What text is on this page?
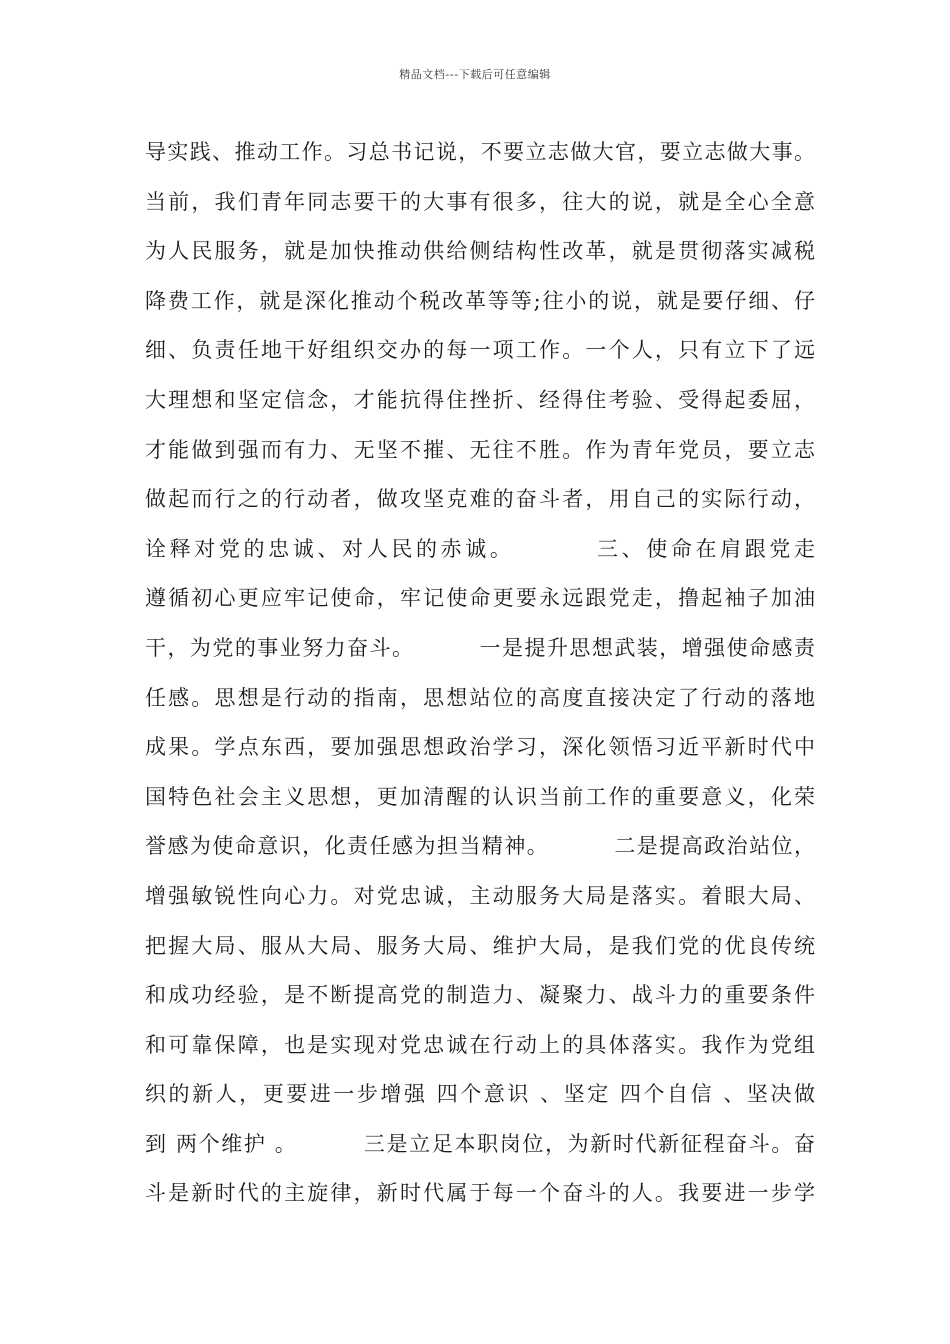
精品文档---下载后可任意编辑
导实践、推动工作。习总书记说，不要立志做大官，要立志做大事。
当前，我们青年同志要干的大事有很多，往大的说，就是全心全意
为人民服务，就是加快推动供给侧结构性改革，就是贯彻落实减税
降费工作，就是深化推动个税改革等等;往小的说，就是要仔细、仔
细、负责任地干好组织交办的每一项工作。一个人，只有立下了远
大理想和坚定信念，才能抗得住挫折、经得住考验、受得起委屈，
才能做到强而有力、无坚不摧、无往不胜。作为青年党员，要立志
做起而行之的行动者，做攻坚克难的奋斗者，用自己的实际行动，
诠释对党的忠诚、对人民的赤诚。        三、使命在肩跟党走
遵循初心更应牢记使命，牢记使命更要永远跟党走，撸起袖子加油
干，为党的事业努力奋斗。        一是提升思想武装，增强使命感责
任感。思想是行动的指南，思想站位的高度直接决定了行动的落地
成果。学点东西，要加强思想政治学习，深化领悟习近平新时代中
国特色社会主义思想，更加清醒的认识当前工作的重要意义，化荣
誉感为使命意识，化责任感为担当精神。        二是提高政治站位，
增强敏锐性向心力。对党忠诚，主动服务大局是落实。着眼大局、
把握大局、服从大局、服务大局、维护大局，是我们党的优良传统
和成功经验，是不断提高党的制造力、凝聚力、战斗力的重要条件
和可靠保障，也是实现对党忠诚在行动上的具体落实。我作为党组
织的新人，更要进一步增强 四个意识 、坚定 四个自信 、坚决做
到 两个维护 。        三是立足本职岗位，为新时代新征程奋斗。奋
斗是新时代的主旋律，新时代属于每一个奋斗的人。我要进一步学
